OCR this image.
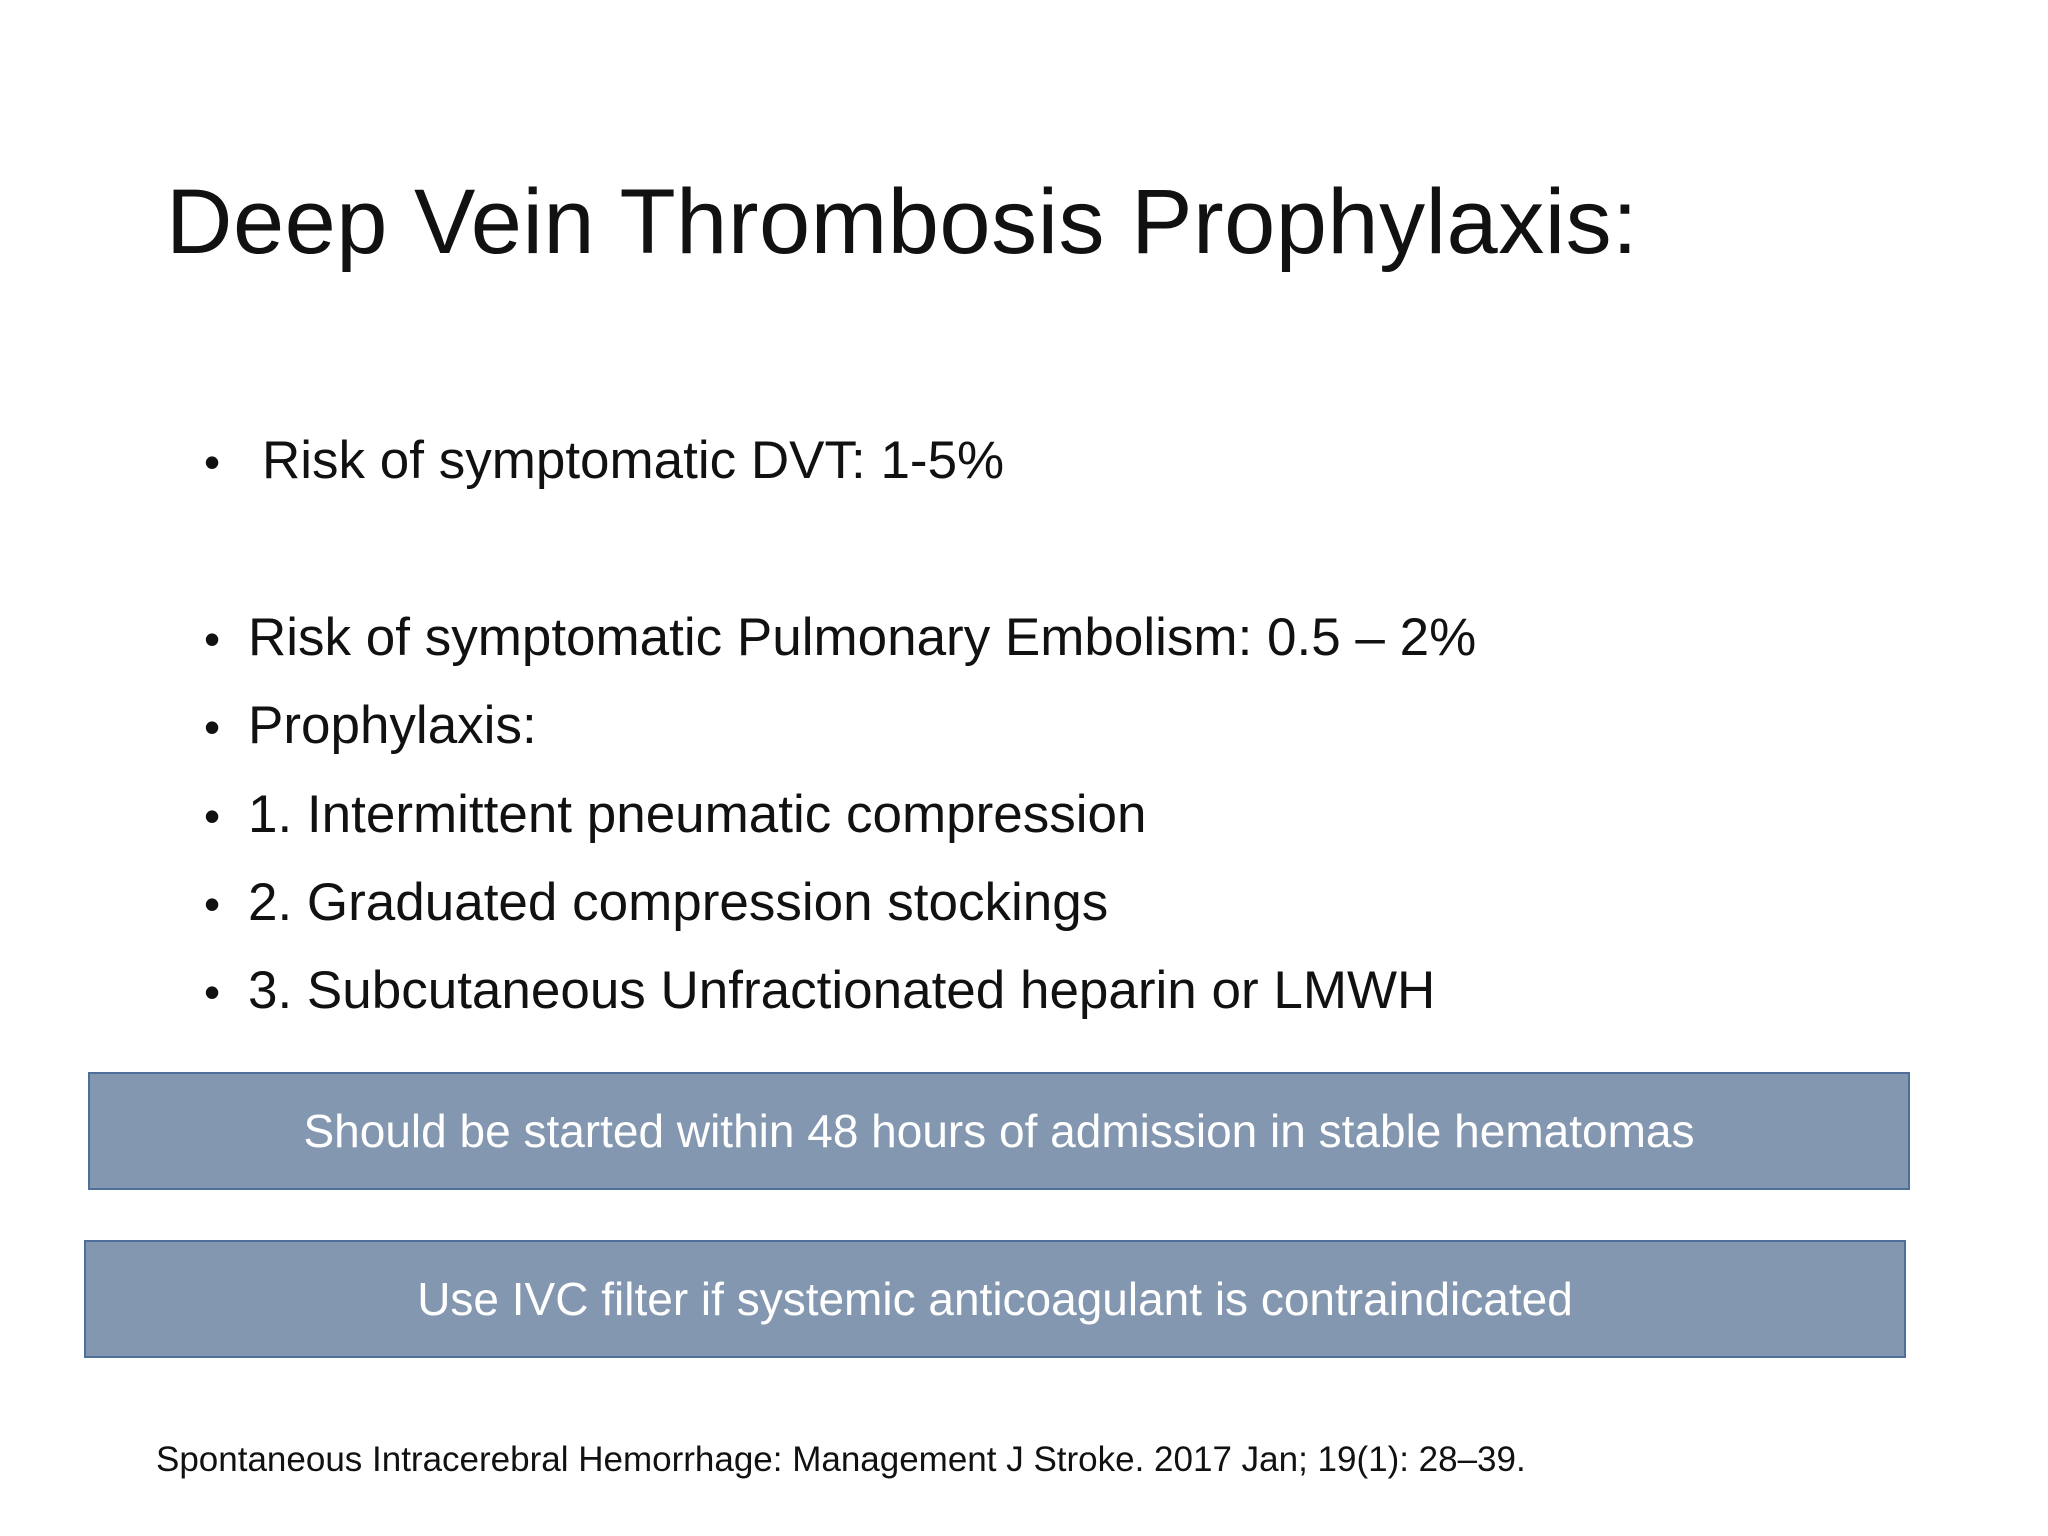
Deep Vein Thrombosis Prophylaxis:
• Risk of symptomatic DVT: 1-5%
• Risk of symptomatic Pulmonary Embolism: 0.5 – 2%
• Prophylaxis:
• 1. Intermittent pneumatic compression
• 2. Graduated compression stockings
• 3. Subcutaneous Unfractionated heparin or LMWH
Should be started within 48 hours of admission in stable hematomas
Use IVC filter if systemic anticoagulant is contraindicated
Spontaneous Intracerebral Hemorrhage: Management J Stroke. 2017 Jan; 19(1): 28–39.
